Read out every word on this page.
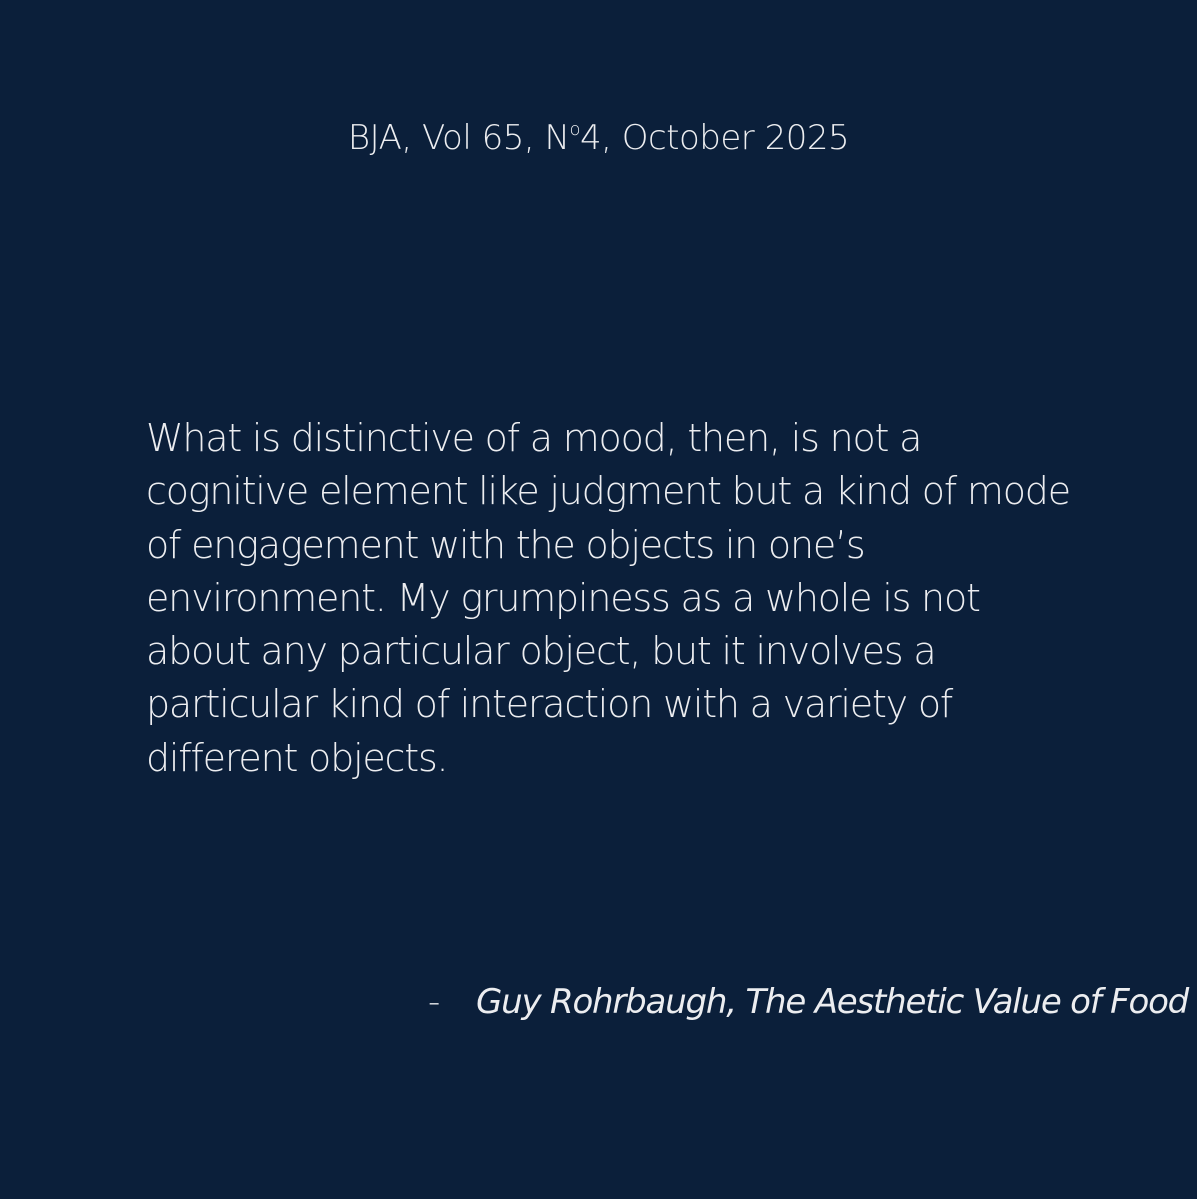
BJA, Vol 65, $N^o4$, October 2025
What is distinctive of a mood, then, is not a
cognitive element like judgment but a kind of mode
of engagement with the objects in one’s
environment. My grumpiness as a whole is not
about any particular object, but it involves a
particular kind of interaction with a variety of
different objects.
- Guy Rohrbaugh, The Aesthetic Value of Food
